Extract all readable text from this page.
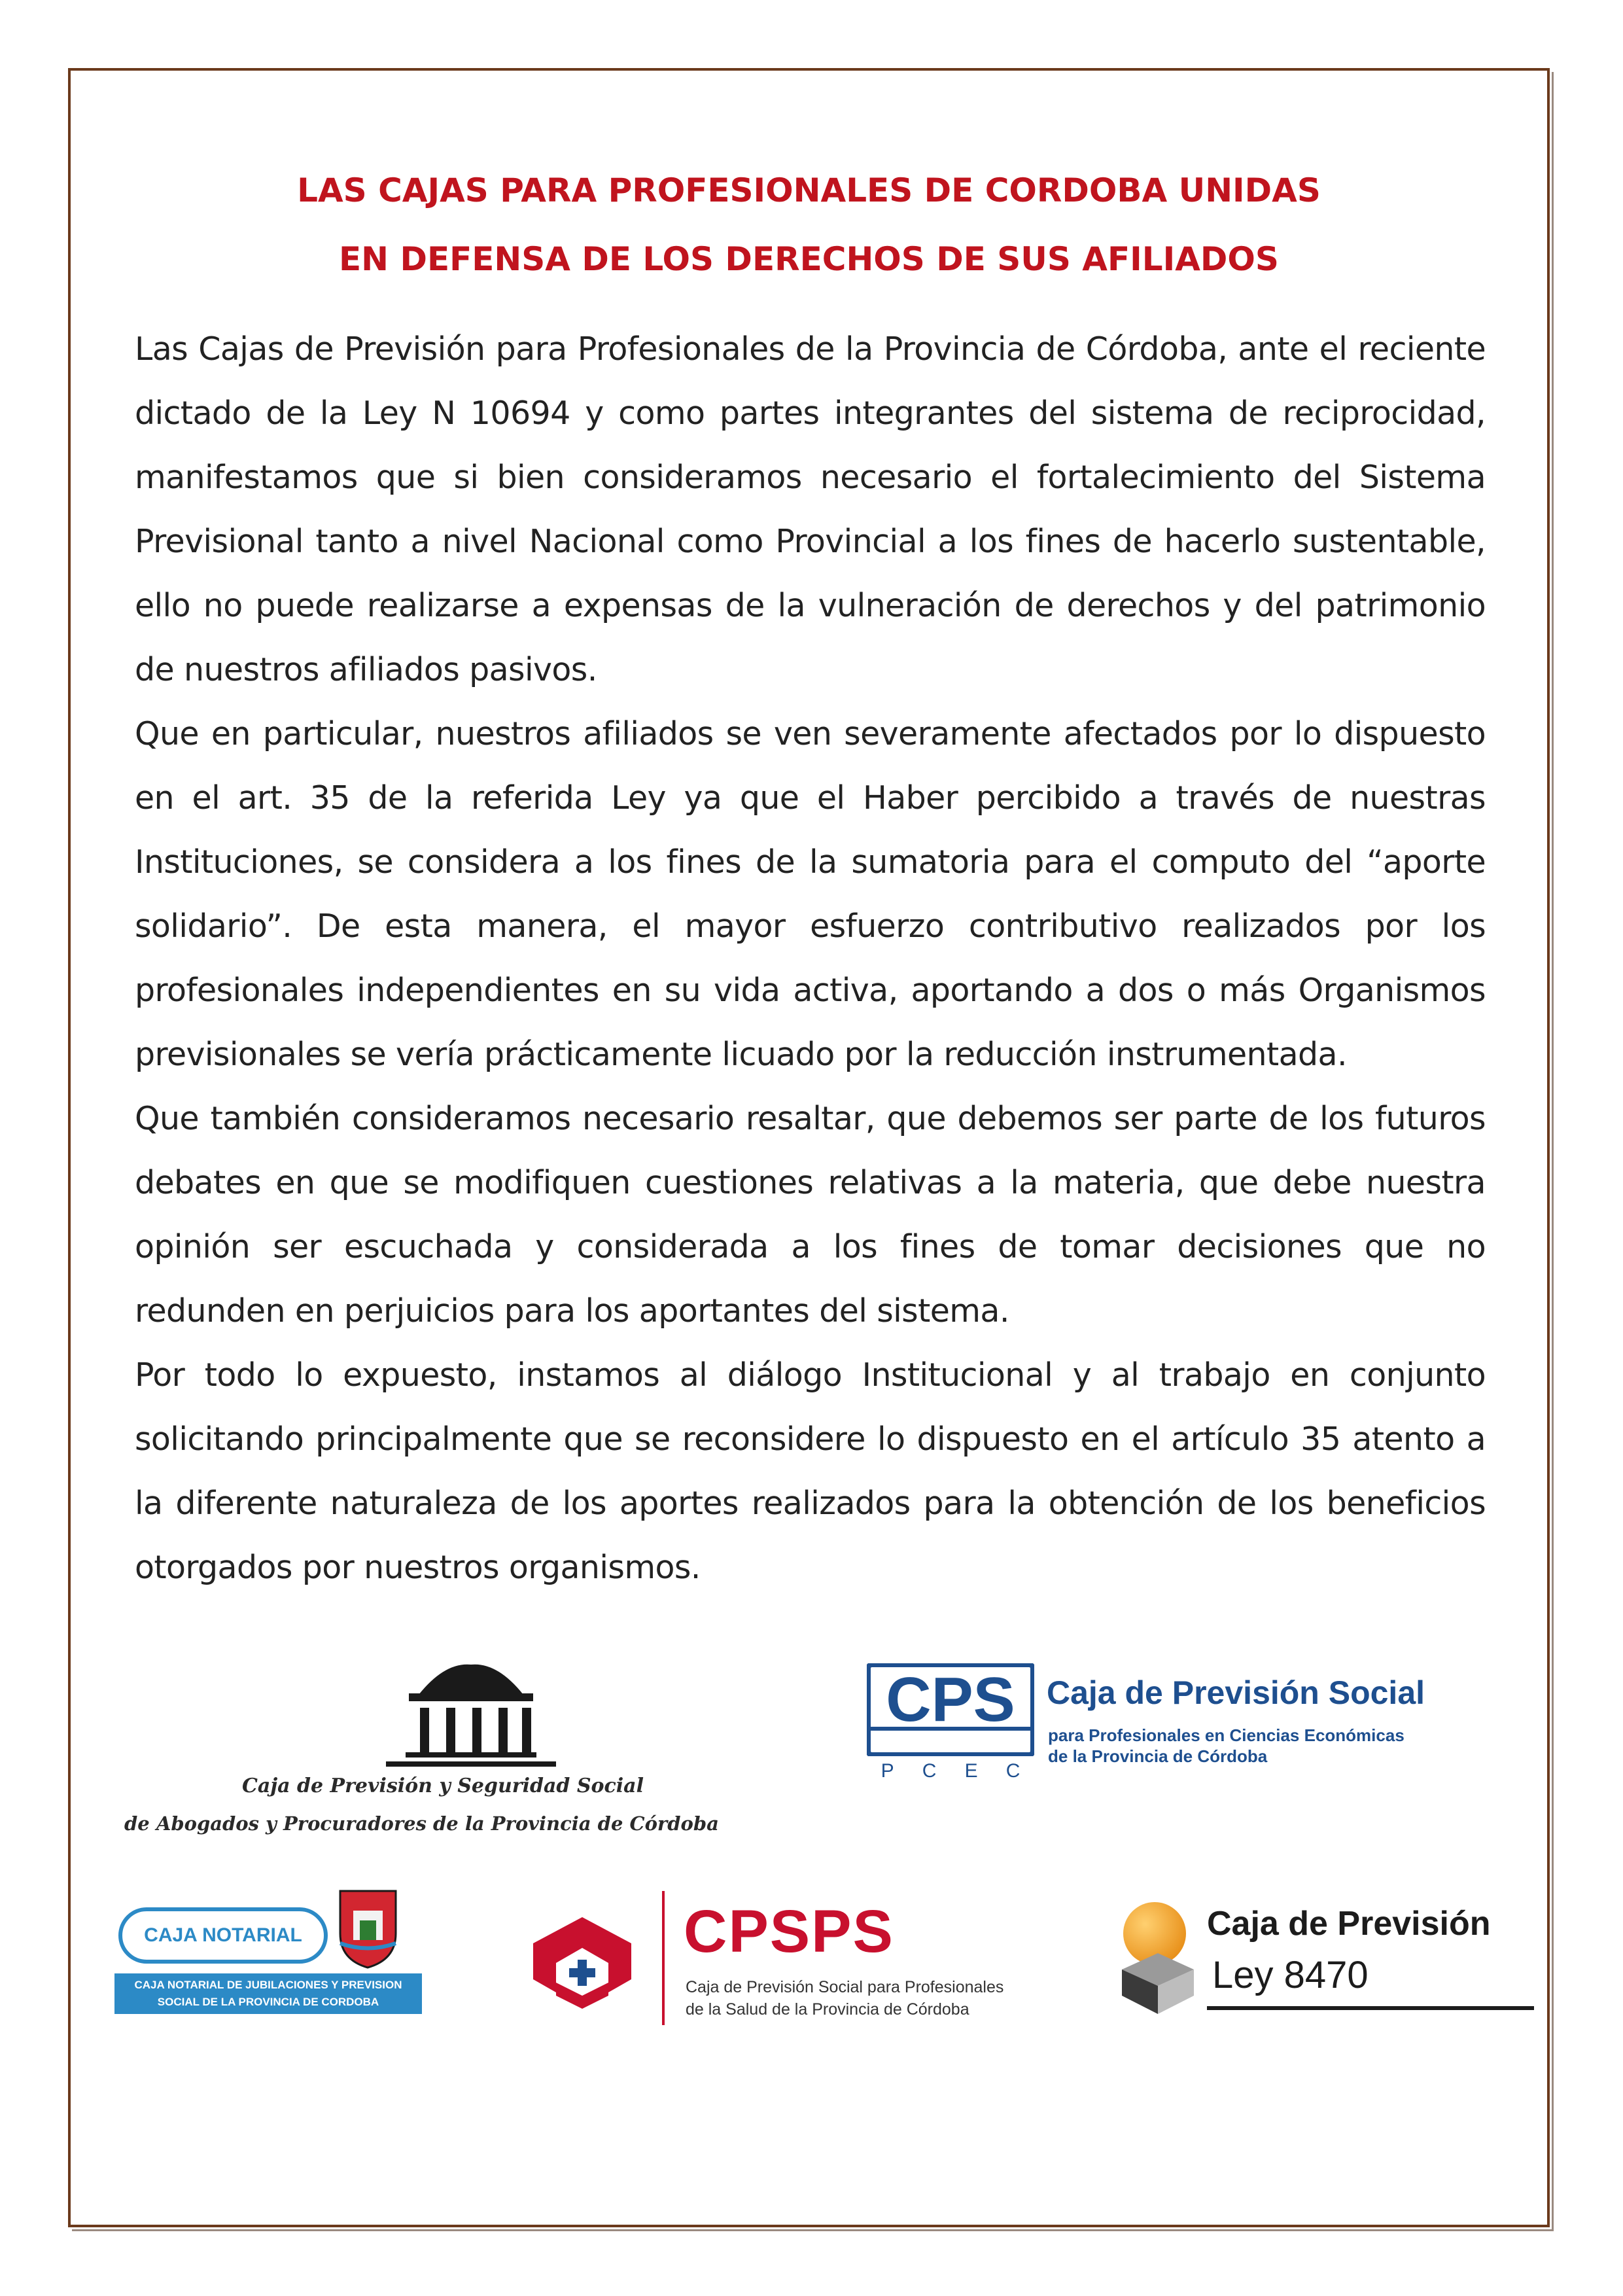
LAS CAJAS PARA PROFESIONALES DE CORDOBA UNIDAS
EN DEFENSA DE LOS DERECHOS DE SUS AFILIADOS

Las Cajas de Previsión para Profesionales de la Provincia de Córdoba, ante el reciente dictado de la Ley N 10694 y como partes integrantes del sistema de reciprocidad, manifestamos que si bien consideramos necesario el fortalecimiento del Sistema Previsional tanto a nivel Nacional como Provincial a los fines de hacerlo sustentable, ello no puede realizarse a expensas de la vulneración de derechos y del patrimonio de nuestros afiliados pasivos.

Que en particular, nuestros afiliados se ven severamente afectados por lo dispuesto en el art. 35 de la referida Ley ya que el Haber percibido a través de nuestras Instituciones, se considera a los fines de la sumatoria para el computo del “aporte solidario”. De esta manera, el mayor esfuerzo contributivo realizados por los profesionales independientes en su vida activa, aportando a dos o más Organismos previsionales se vería prácticamente licuado por la reducción instrumentada.

Que también consideramos necesario resaltar, que debemos ser parte de los futuros debates en que se modifiquen cuestiones relativas a la materia, que debe nuestra opinión ser escuchada y considerada a los fines de tomar decisiones que no redunden en perjuicios para los aportantes del sistema.

Por todo lo expuesto, instamos al diálogo Institucional y al trabajo en conjunto solicitando principalmente que se reconsidere lo dispuesto en el artículo 35 atento a la diferente naturaleza de los aportes realizados para la obtención de los beneficios otorgados por nuestros organismos.

Caja de Previsión y Seguridad Social
de Abogados y Procuradores de la Provincia de Córdoba
CPS
P C E C
Caja de Previsión Social
para Profesionales en Ciencias Económicas
de la Provincia de Córdoba
CAJA NOTARIAL
CAJA NOTARIAL DE JUBILACIONES Y PREVISION
SOCIAL DE LA PROVINCIA DE CORDOBA
CPSPS
Caja de Previsión Social para Profesionales
de la Salud de la Provincia de Córdoba
Caja de Previsión
Ley 8470
